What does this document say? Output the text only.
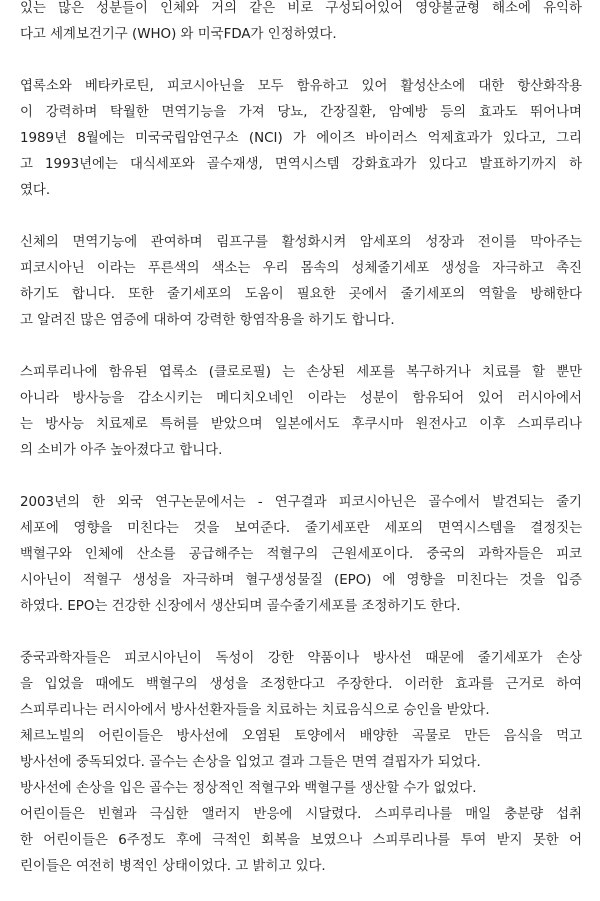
있는 많은 성분들이 인체와 거의 같은 비로 구성되어있어 영양불균형 해소에 유익하
다고 세계보건기구 (WHO) 와 미국FDA가 인정하였다.
엽록소와 베타카로틴, 피코시아닌을 모두 함유하고 있어 활성산소에 대한 항산화작용
이 강력하며 탁월한 면역기능을 가져 당뇨, 간장질환, 암예방 등의 효과도 뛰어나며
1989년 8월에는 미국국립암연구소 (NCI) 가 에이즈 바이러스 억제효과가 있다고, 그리
고 1993년에는 대식세포와 골수재생, 면역시스템 강화효과가 있다고 발표하기까지 하
였다.
신체의 면역기능에 관여하며 림프구를 활성화시켜 암세포의 성장과 전이를 막아주는
피코시아닌 이라는 푸른색의 색소는 우리 몸속의 성체줄기세포 생성을 자극하고 촉진
하기도 합니다. 또한 줄기세포의 도움이 필요한 곳에서 줄기세포의 역할을 방해한다
고 알려진 많은 염증에 대하여 강력한 항염작용을 하기도 합니다.
스피루리나에 함유된 엽록소 (클로로필) 는 손상된 세포를 복구하거나 치료를 할 뿐만
아니라 방사능을 감소시키는 메디치오네인 이라는 성분이 함유되어 있어 러시아에서
는 방사능 치료제로 특허를 받았으며 일본에서도 후쿠시마 원전사고 이후 스피루리나
의 소비가 아주 높아졌다고 합니다.
2003년의 한 외국 연구논문에서는 - 연구결과 피코시아닌은 골수에서 발견되는 줄기
세포에 영향을 미친다는 것을 보여준다. 줄기세포란 세포의 면역시스템을 결정짓는
백혈구와 인체에 산소를 공급해주는 적혈구의 근원세포이다. 중국의 과학자들은 피코
시아닌이 적혈구 생성을 자극하며 혈구생성물질 (EPO) 에 영향을 미친다는 것을 입증
하였다. EPO는 건강한 신장에서 생산되며 골수줄기세포를 조정하기도 한다.
중국과학자들은 피코시아닌이 독성이 강한 약품이나 방사선 때문에 줄기세포가 손상
을 입었을 때에도 백혈구의 생성을 조정한다고 주장한다. 이러한 효과를 근거로 하여
스피루리나는 러시아에서 방사선환자들을 치료하는 치료음식으로 승인을 받았다.
체르노빌의 어린이들은 방사선에 오염된 토양에서 배양한 곡물로 만든 음식을 먹고
방사선에 중독되었다. 골수는 손상을 입었고 결과 그들은 면역 결핍자가 되었다.
방사선에 손상을 입은 골수는 정상적인 적혈구와 백혈구를 생산할 수가 없었다.
어린이들은 빈혈과 극심한 앨러지 반응에 시달렸다. 스피루리나를 매일 충분량 섭취
한 어린이들은 6주정도 후에 극적인 회복을 보였으나 스피루리나를 투여 받지 못한 어
린이들은 여전히 병적인 상태이었다. 고 밝히고 있다.
